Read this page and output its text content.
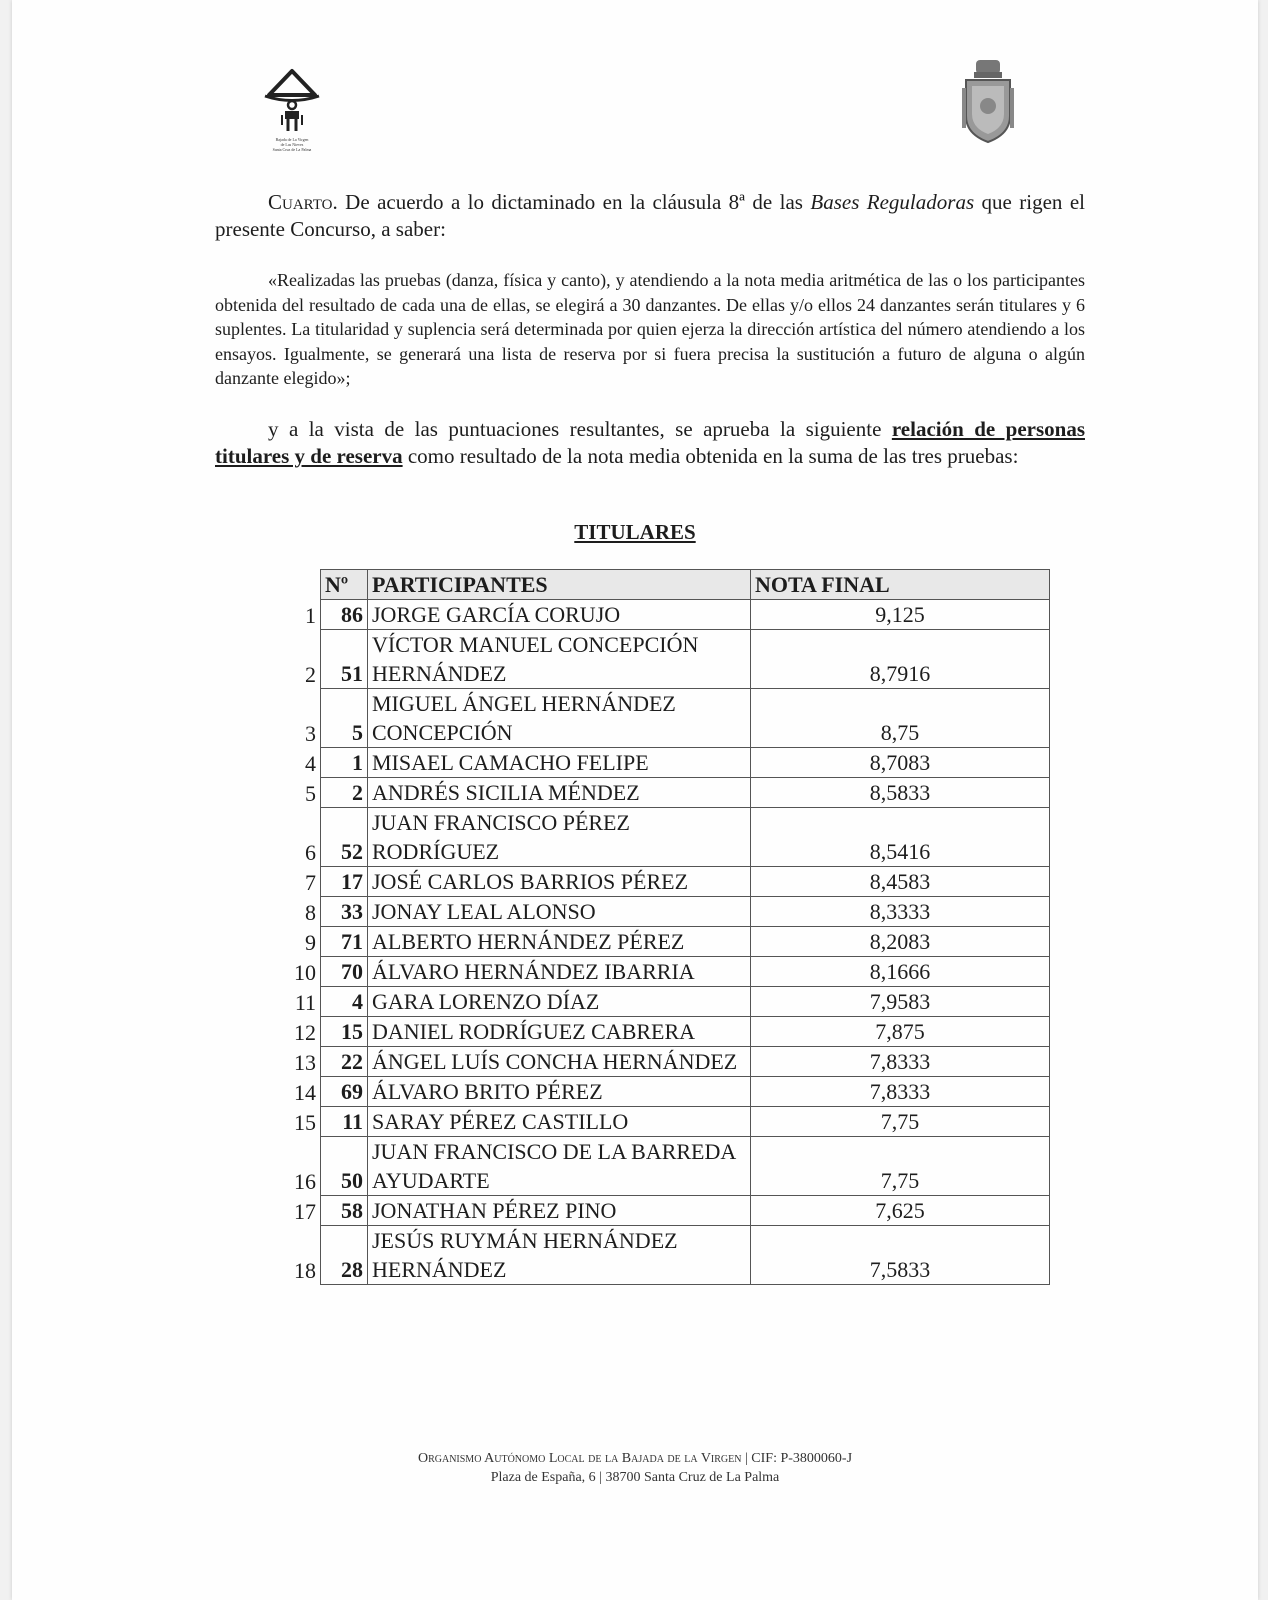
Bajada de La Virgen
de Las Nieves
Santa Cruz de La Palma
Cuarto. De acuerdo a lo dictaminado en la cláusula 8ª de las Bases Reguladoras que rigen el presente Concurso, a saber:
«Realizadas las pruebas (danza, física y canto), y atendiendo a la nota media aritmética de las o los participantes obtenida del resultado de cada una de ellas, se elegirá a 30 danzantes. De ellas y/o ellos 24 danzantes serán titulares y 6 suplentes. La titularidad y suplencia será determinada por quien ejerza la dirección artística del número atendiendo a los ensayos. Igualmente, se generará una lista de reserva por si fuera precisa la sustitución a futuro de alguna o algún danzante elegido»;
y a la vista de las puntuaciones resultantes, se aprueba la siguiente relación de personas titulares y de reserva como resultado de la nota media obtenida en la suma de las tres pruebas:
TITULARES
	Nº	PARTICIPANTES	NOTA FINAL
1	86	JORGE GARCÍA CORUJO	9,125
2	51	VÍCTOR MANUEL CONCEPCIÓN HERNÁNDEZ	8,7916
3	5	MIGUEL ÁNGEL HERNÁNDEZ CONCEPCIÓN	8,75
4	1	MISAEL CAMACHO FELIPE	8,7083
5	2	ANDRÉS SICILIA MÉNDEZ	8,5833
6	52	JUAN FRANCISCO PÉREZ RODRÍGUEZ	8,5416
7	17	JOSÉ CARLOS BARRIOS PÉREZ	8,4583
8	33	JONAY LEAL ALONSO	8,3333
9	71	ALBERTO HERNÁNDEZ PÉREZ	8,2083
10	70	ÁLVARO HERNÁNDEZ IBARRIA	8,1666
11	4	GARA LORENZO DÍAZ	7,9583
12	15	DANIEL RODRÍGUEZ CABRERA	7,875
13	22	ÁNGEL LUÍS CONCHA HERNÁNDEZ	7,8333
14	69	ÁLVARO BRITO PÉREZ	7,8333
15	11	SARAY PÉREZ CASTILLO	7,75
16	50	JUAN FRANCISCO DE LA BARREDA AYUDARTE	7,75
17	58	JONATHAN PÉREZ PINO	7,625
18	28	JESÚS RUYMÁN HERNÁNDEZ HERNÁNDEZ	7,5833
Organismo Autónomo Local de la Bajada de la Virgen | CIF: P-3800060-J
Plaza de España, 6 | 38700 Santa Cruz de La Palma
